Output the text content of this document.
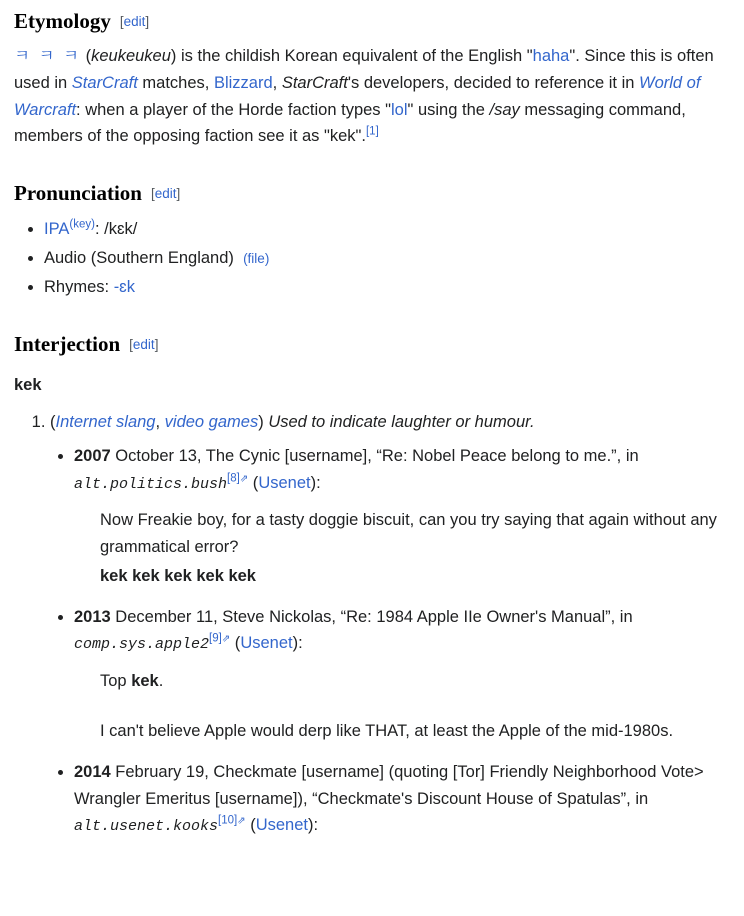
Etymology [edit]

ㅋ ㅋ ㅋ (keukeukeu) is the childish Korean equivalent of the English "haha". Since this is often used in StarCraft matches, Blizzard, StarCraft's developers, decided to reference it in World of Warcraft: when a player of the Horde faction types "lol" using the /say messaging command, members of the opposing faction see it as "kek".[1]

Pronunciation [edit]
• IPA$^{(key)}$: /kɛk/
• Audio (Southern England) (file)
• Rhymes: -ɛk
Interjection [edit]

kek

1. (Internet slang, video games) Used to indicate laughter or humour.
• 2007 October 13, The Cynic [username], “Re: Nobel Peace belong to me.”, in alt.politics.bush$^{[8]⇗}$ (Usenet):

Now Freakie boy, for a tasty doggie biscuit, can you try saying that again without any grammatical error?

kek kek kek kek kek

• 2013 December 11, Steve Nickolas, “Re: 1984 Apple IIe Owner's Manual”, in comp.sys.apple2$^{[9]⇗}$ (Usenet):

Top kek.

I can't believe Apple would derp like THAT, at least the Apple of the mid-1980s.

• 2014 February 19, Checkmate [username] (quoting [Tor] Friendly Neighborhood Vote> Wrangler Emeritus [username]), “Checkmate's Discount House of Spatulas”, in alt.usenet.kooks$^{[10]⇗}$ (Usenet):
